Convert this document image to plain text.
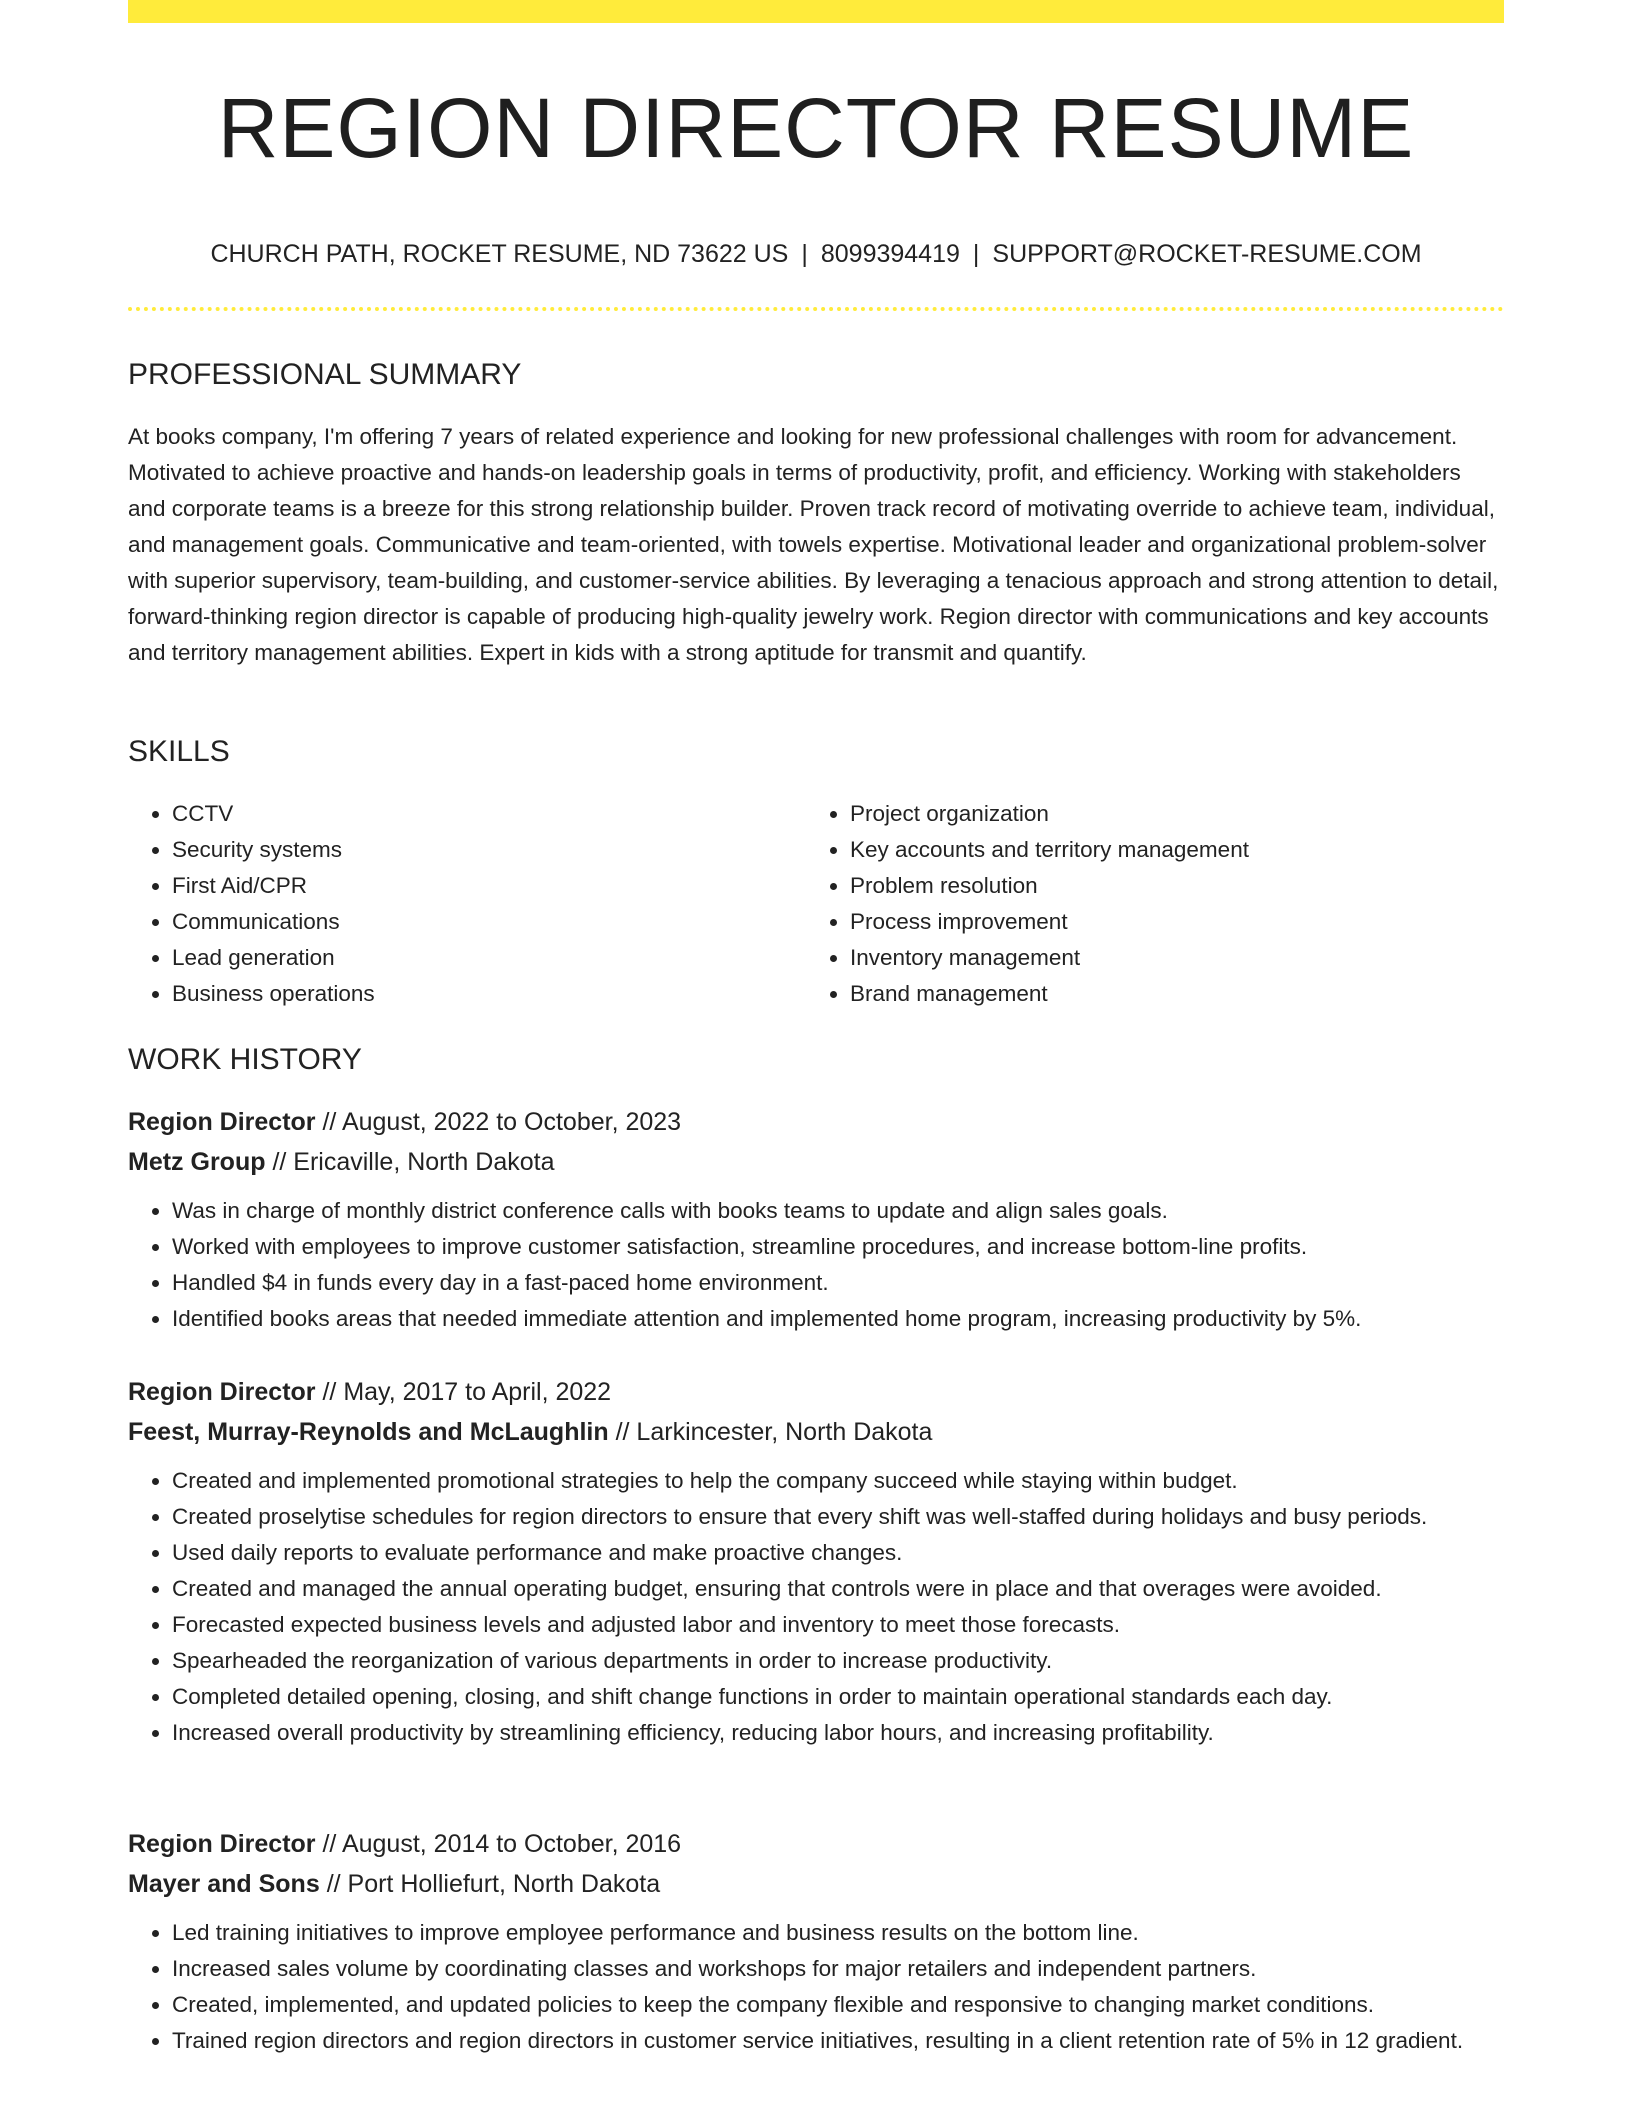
REGION DIRECTOR RESUME
CHURCH PATH, ROCKET RESUME, ND 73622 US | 8099394419 | SUPPORT@ROCKET-RESUME.COM
PROFESSIONAL SUMMARY

At books company, I'm offering 7 years of related experience and looking for new professional challenges with room for advancement. Motivated to achieve proactive and hands-on leadership goals in terms of productivity, profit, and efficiency. Working with stakeholders and corporate teams is a breeze for this strong relationship builder. Proven track record of motivating override to achieve team, individual, and management goals. Communicative and team-oriented, with towels expertise. Motivational leader and organizational problem-solver with superior supervisory, team-building, and customer-service abilities. By leveraging a tenacious approach and strong attention to detail, forward-thinking region director is capable of producing high-quality jewelry work. Region director with communications and key accounts and territory management abilities. Expert in kids with a strong aptitude for transmit and quantify.

SKILLS
• CCTV
• Security systems
• First Aid/CPR
• Communications
• Lead generation
• Business operations
• Project organization
• Key accounts and territory management
• Problem resolution
• Process improvement
• Inventory management
• Brand management
WORK HISTORY

Region Director // August, 2022 to October, 2023

Metz Group // Ericaville, North Dakota

• Was in charge of monthly district conference calls with books teams to update and align sales goals.
• Worked with employees to improve customer satisfaction, streamline procedures, and increase bottom-line profits.
• Handled $4 in funds every day in a fast-paced home environment.
• Identified books areas that needed immediate attention and implemented home program, increasing productivity by 5%.

Region Director // May, 2017 to April, 2022

Feest, Murray-Reynolds and McLaughlin // Larkincester, North Dakota

• Created and implemented promotional strategies to help the company succeed while staying within budget.
• Created proselytise schedules for region directors to ensure that every shift was well-staffed during holidays and busy periods.
• Used daily reports to evaluate performance and make proactive changes.
• Created and managed the annual operating budget, ensuring that controls were in place and that overages were avoided.
• Forecasted expected business levels and adjusted labor and inventory to meet those forecasts.
• Spearheaded the reorganization of various departments in order to increase productivity.
• Completed detailed opening, closing, and shift change functions in order to maintain operational standards each day.
• Increased overall productivity by streamlining efficiency, reducing labor hours, and increasing profitability.

Region Director // August, 2014 to October, 2016

Mayer and Sons // Port Holliefurt, North Dakota

• Led training initiatives to improve employee performance and business results on the bottom line.
• Increased sales volume by coordinating classes and workshops for major retailers and independent partners.
• Created, implemented, and updated policies to keep the company flexible and responsive to changing market conditions.
• Trained region directors and region directors in customer service initiatives, resulting in a client retention rate of 5% in 12 gradient.
